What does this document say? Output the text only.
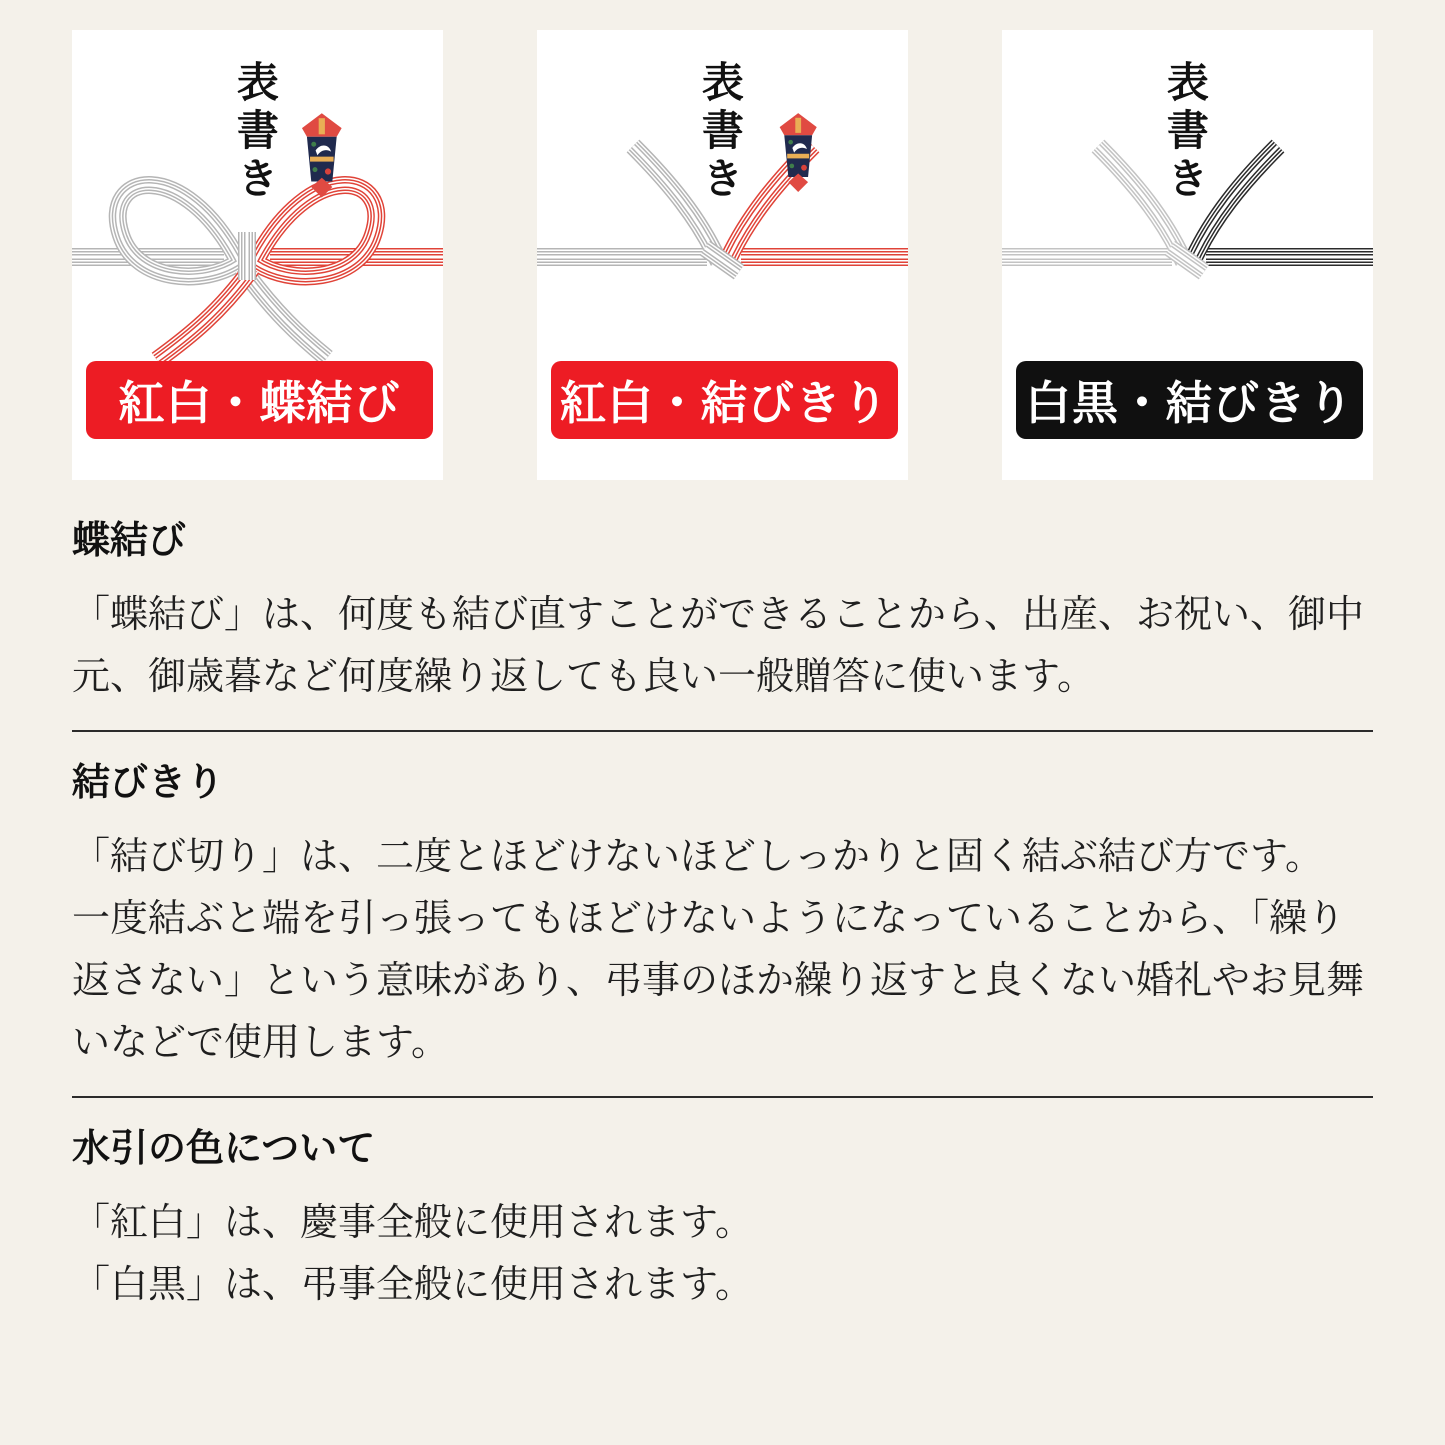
表書き
紅白・蝶結び
表書き
紅白・結びきり
表書き
白黒・結びきり
蝶結び

「蝶結び」は、何度も結び直すことができることから、出産、お祝い、御中元、御歳暮など何度繰り返しても良い一般贈答に使います。

結びきり

「結び切り」は、二度とほどけないほどしっかりと固く結ぶ結び方です。

一度結ぶと端を引っ張ってもほどけないようになっていることから、「繰り返さない」という意味があり、弔事のほか繰り返すと良くない婚礼やお見舞いなどで使用します。

水引の色について

「紅白」は、慶事全般に使用されます。

「白黒」は、弔事全般に使用されます。
